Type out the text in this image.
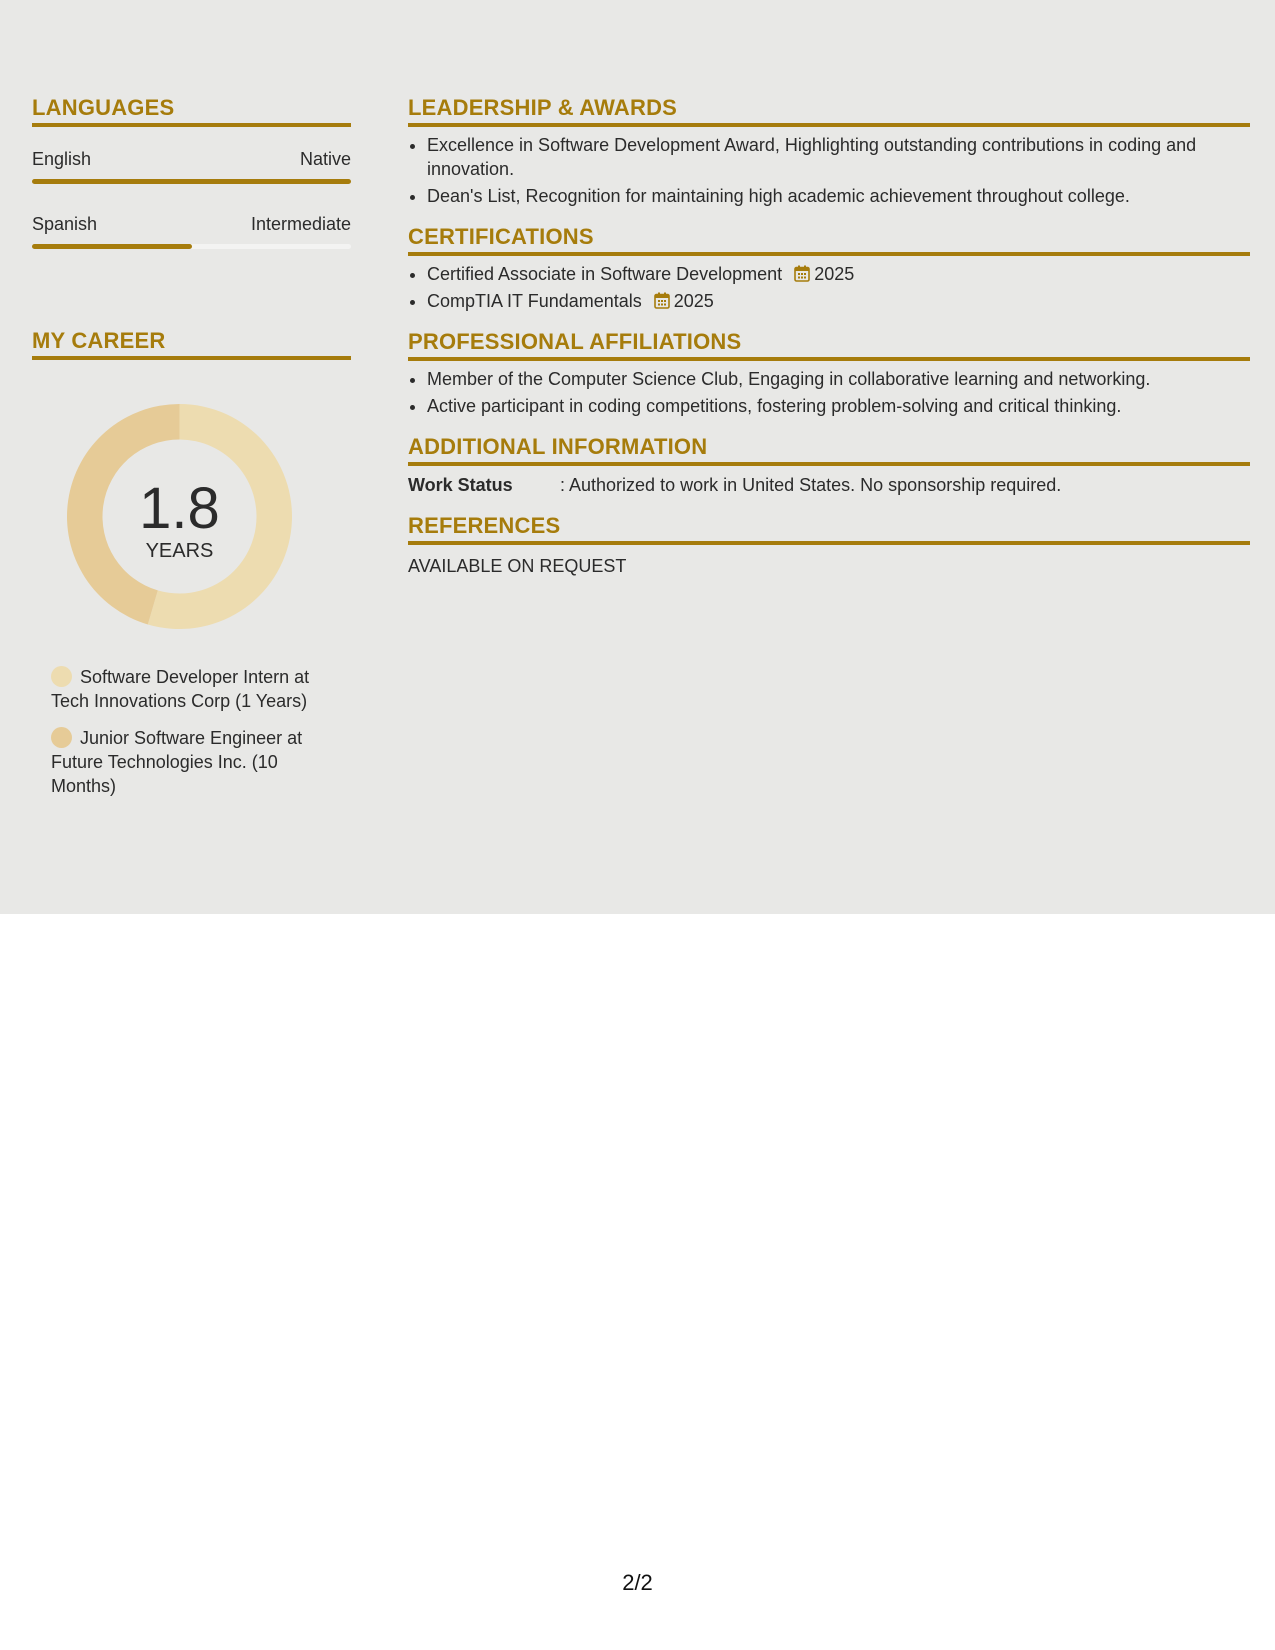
LANGUAGES
English	Native
Spanish	Intermediate
MY CAREER
1.8
YEARS
Software Developer Intern at Tech Innovations Corp (1 Years)
Junior Software Engineer at Future Technologies Inc. (10 Months)
LEADERSHIP & AWARDS
• Excellence in Software Development Award, Highlighting outstanding contributions in coding and innovation.
• Dean's List, Recognition for maintaining high academic achievement throughout college.
CERTIFICATIONS
• Certified Associate in Software Development 2025
• CompTIA IT Fundamentals 2025
PROFESSIONAL AFFILIATIONS
• Member of the Computer Science Club, Engaging in collaborative learning and networking.
• Active participant in coding competitions, fostering problem-solving and critical thinking.
ADDITIONAL INFORMATION
Work Status	: Authorized to work in United States. No sponsorship required.
REFERENCES
AVAILABLE ON REQUEST
2/2
